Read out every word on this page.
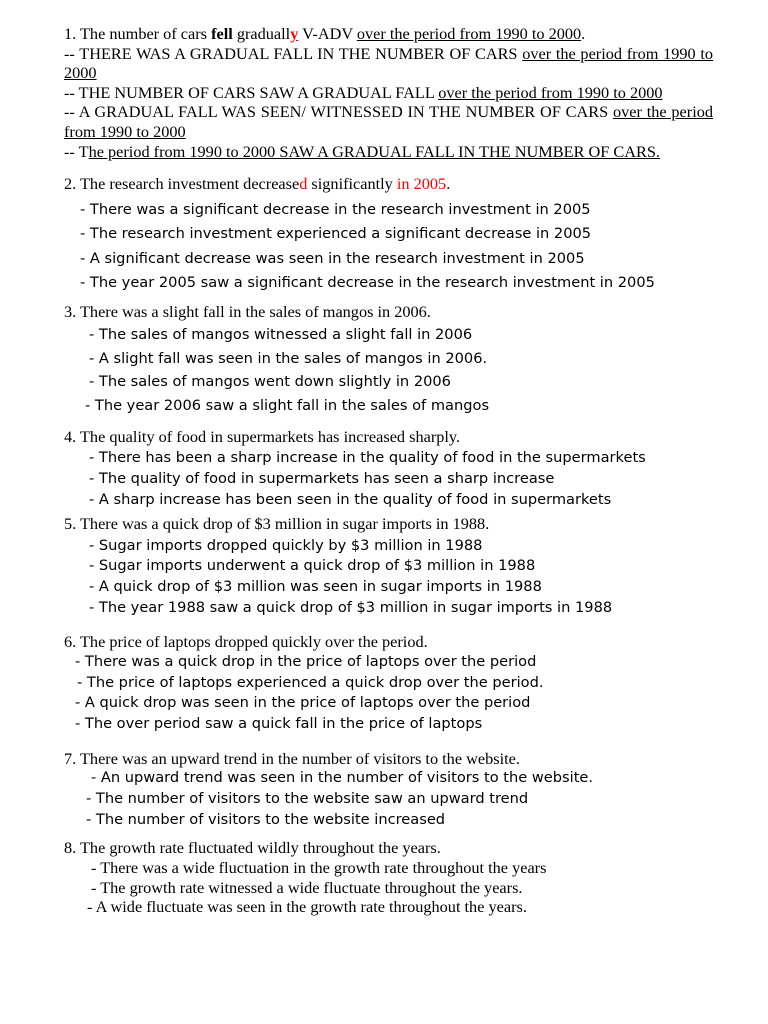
1. The number of cars fell gradually V-ADV over the period from 1990 to 2000.
-- THERE WAS A GRADUAL FALL IN THE NUMBER OF CARS over the period from 1990 to 2000
-- THE NUMBER OF CARS SAW A GRADUAL FALL over the period from 1990 to 2000
-- A GRADUAL FALL WAS SEEN/ WITNESSED IN THE NUMBER OF CARS over the period from 1990 to 2000
-- The period from 1990 to 2000 SAW A GRADUAL FALL IN THE NUMBER OF CARS.
2. The research investment decreased significantly in 2005.
- There was a significant decrease in the research investment in 2005
- The research investment experienced a significant decrease in 2005
- A significant decrease was seen in the research investment in 2005
- The year 2005 saw a significant decrease in the research investment in 2005
3. There was a slight fall in the sales of mangos in 2006.
- The sales of mangos witnessed a slight fall in 2006
- A slight fall was seen in the sales of mangos in 2006.
- The sales of mangos went down slightly in 2006
- The year 2006 saw a slight fall in the sales of mangos
4. The quality of food in supermarkets has increased sharply.
- There has been a sharp increase in the quality of food in the supermarkets
- The quality of food in supermarkets has seen a sharp increase
- A sharp increase has been seen in the quality of food in supermarkets
5. There was a quick drop of $3 million in sugar imports in 1988.
- Sugar imports dropped quickly by $3 million in 1988
- Sugar imports underwent a quick drop of $3 million in 1988
- A quick drop of $3 million was seen in sugar imports in 1988
- The year 1988 saw a quick drop of $3 million in sugar imports in 1988
6. The price of laptops dropped quickly over the period.
- There was a quick drop in the price of laptops over the period
- The price of laptops experienced a quick drop over the period.
- A quick drop was seen in the price of laptops over the period
- The over period saw a quick fall in the price of laptops
7. There was an upward trend in the number of visitors to the website.
- An upward trend was seen in the number of visitors to the website.
- The number of visitors to the website saw an upward trend
- The number of visitors to the website increased
8. The growth rate fluctuated wildly throughout the years.
- There was a wide fluctuation in the growth rate throughout the years
- The growth rate witnessed a wide fluctuate throughout the years.
- A wide fluctuate was seen in the growth rate throughout the years.
